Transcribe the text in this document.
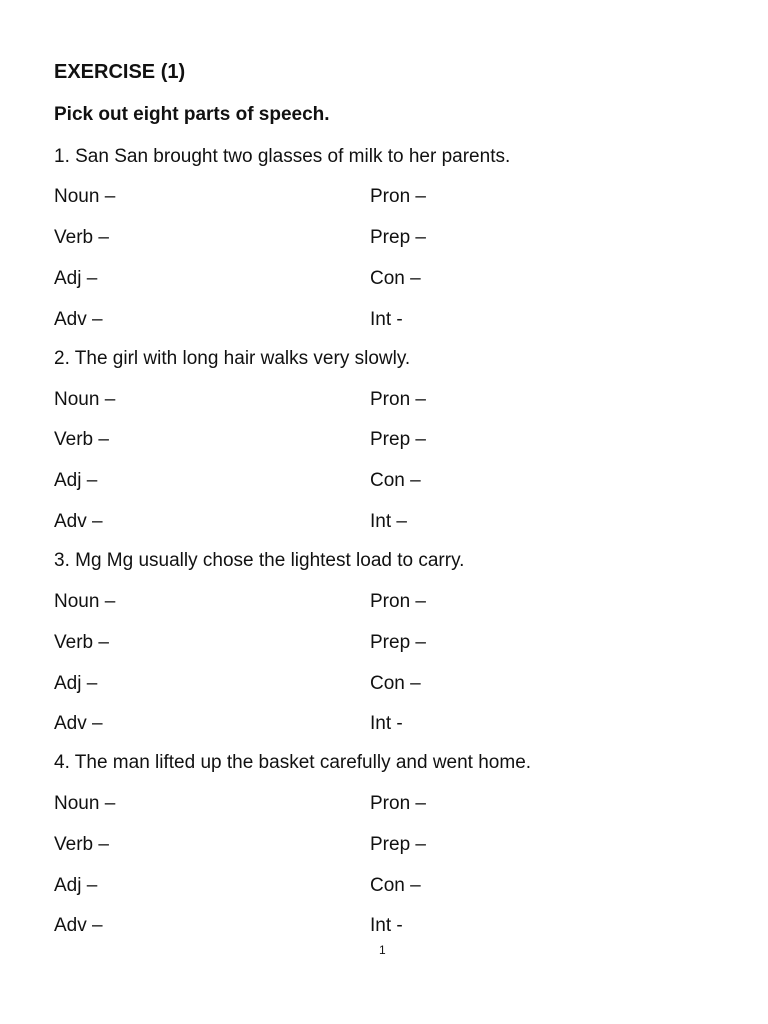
EXERCISE (1)
Pick out eight parts of speech.
1. San San brought two glasses of milk to her parents.
Noun –	Pron –
Verb –	Prep –
Adj –	Con –
Adv –	Int -
2. The girl with long hair walks very slowly.
Noun –	Pron –
Verb –	Prep –
Adj –	Con –
Adv –	Int –
3. Mg Mg usually chose the lightest load to carry.
Noun –	Pron –
Verb –	Prep –
Adj –	Con –
Adv –	Int -
4. The man lifted up the basket carefully and went home.
Noun –	Pron –
Verb –	Prep –
Adj –	Con –
Adv –	Int -
1
